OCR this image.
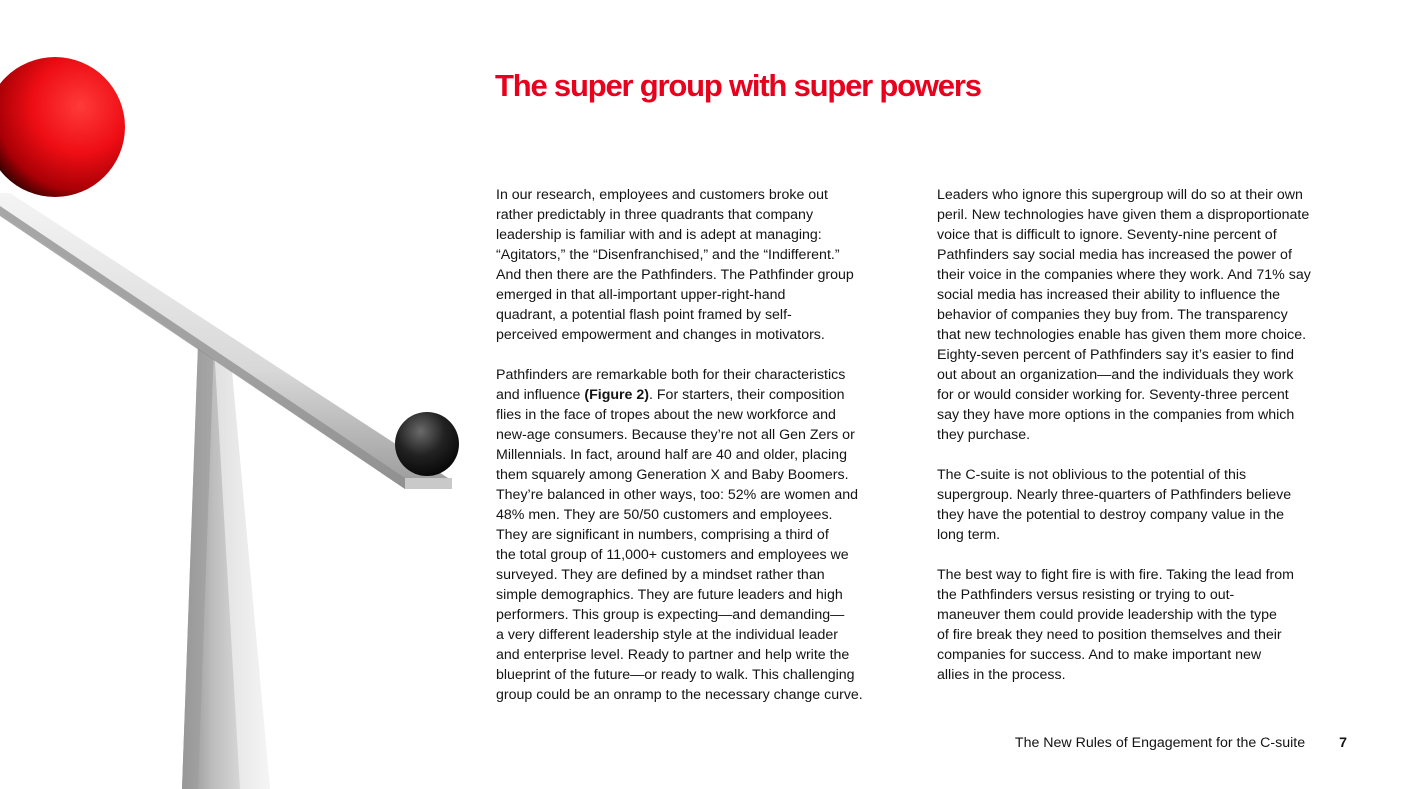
The super group with super powers

In our research, employees and customers broke out
rather predictably in three quadrants that company
leadership is familiar with and is adept at managing:
“Agitators,” the “Disenfranchised,” and the “Indifferent.”
And then there are the Pathfinders. The Pathfinder group
emerged in that all-important upper-right-hand
quadrant, a potential flash point framed by self-
perceived empowerment and changes in motivators.

Pathfinders are remarkable both for their characteristics
and influence (Figure 2). For starters, their composition
flies in the face of tropes about the new workforce and
new-age consumers. Because they’re not all Gen Zers or
Millennials. In fact, around half are 40 and older, placing
them squarely among Generation X and Baby Boomers.
They’re balanced in other ways, too: 52% are women and
48% men. They are 50/50 customers and employees.
They are significant in numbers, comprising a third of
the total group of 11,000+ customers and employees we
surveyed. They are defined by a mindset rather than
simple demographics. They are future leaders and high
performers. This group is expecting—and demanding—
a very different leadership style at the individual leader
and enterprise level. Ready to partner and help write the
blueprint of the future—or ready to walk. This challenging
group could be an onramp to the necessary change curve.

Leaders who ignore this supergroup will do so at their own
peril. New technologies have given them a disproportionate
voice that is difficult to ignore. Seventy-nine percent of
Pathfinders say social media has increased the power of
their voice in the companies where they work. And 71% say
social media has increased their ability to influence the
behavior of companies they buy from. The transparency
that new technologies enable has given them more choice.
Eighty-seven percent of Pathfinders say it’s easier to find
out about an organization—and the individuals they work
for or would consider working for. Seventy-three percent
say they have more options in the companies from which
they purchase.

The C-suite is not oblivious to the potential of this
supergroup. Nearly three-quarters of Pathfinders believe
they have the potential to destroy company value in the
long term.

The best way to fight fire is with fire. Taking the lead from
the Pathfinders versus resisting or trying to out-
maneuver them could provide leadership with the type
of fire break they need to position themselves and their
companies for success. And to make important new
allies in the process.

The New Rules of Engagement for the C-suite 7
